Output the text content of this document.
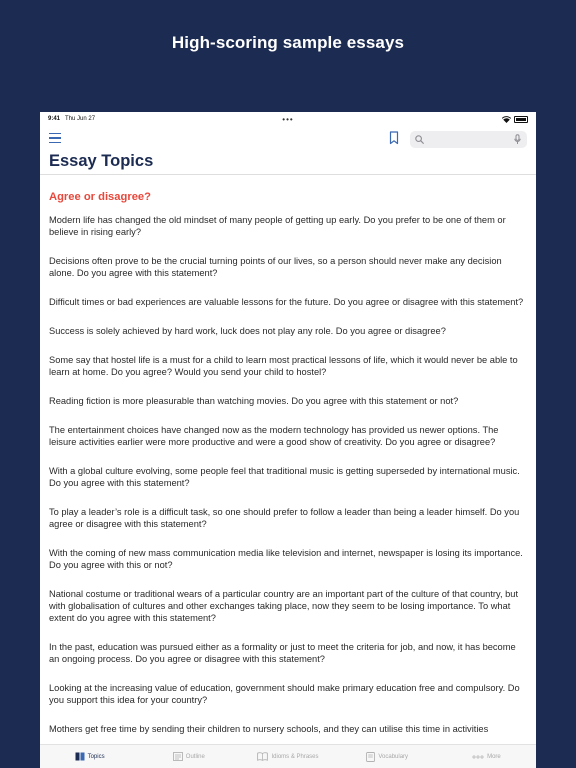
High-scoring sample essays
9:41 Thu Jun 27	•••
Essay Topics
Agree or disagree?

Modern life has changed the old mindset of many people of getting up early. Do you prefer to be one of them or believe in rising early?

Decisions often prove to be the crucial turning points of our lives, so a person should never make any decision alone. Do you agree with this statement?

Difficult times or bad experiences are valuable lessons for the future. Do you agree or disagree with this statement?

Success is solely achieved by hard work, luck does not play any role. Do you agree or disagree?

Some say that hostel life is a must for a child to learn most practical lessons of life, which it would never be able to learn at home. Do you agree? Would you send your child to hostel?

Reading fiction is more pleasurable than watching movies. Do you agree with this statement or not?

The entertainment choices have changed now as the modern technology has provided us newer options. The leisure activities earlier were more productive and were a good show of creativity. Do you agree or disagree?

With a global culture evolving, some people feel that traditional music is getting superseded by international music. Do you agree with this statement?

To play a leader’s role is a difficult task, so one should prefer to follow a leader than being a leader himself. Do you agree or disagree with this statement?

With the coming of new mass communication media like television and internet, newspaper is losing its importance. Do you agree with this or not?

National costume or traditional wears of a particular country are an important part of the culture of that country, but with globalisation of cultures and other exchanges taking place, now they seem to be losing importance. To what extent do you agree with this statement?

In the past, education was pursued either as a formality or just to meet the criteria for job, and now, it has become an ongoing process. Do you agree or disagree with this statement?

Looking at the increasing value of education, government should make primary education free and compulsory. Do you support this idea for your country?

Mothers get free time by sending their children to nursery schools, and they can utilise this time in activities

Topics	Outline	Idioms & Phrases	Vocabulary	More
